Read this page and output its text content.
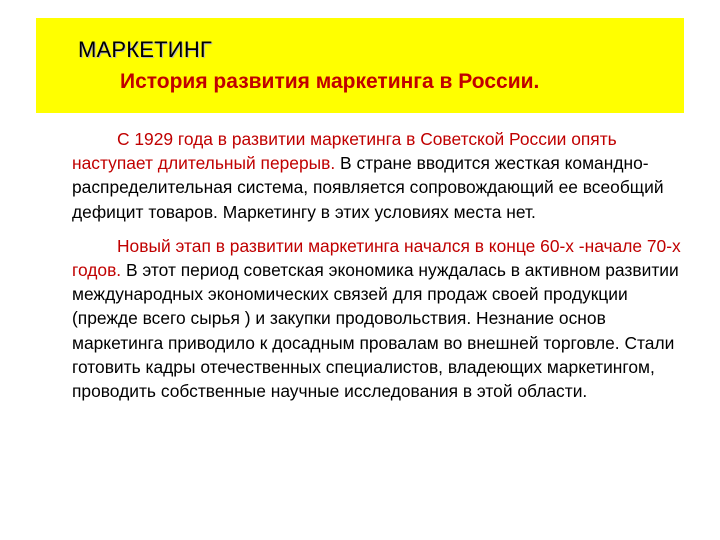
МАРКЕТИНГ
История развития маркетинга в России.

С 1929 года в развитии маркетинга в Советской России опять наступает длительный перерыв. В стране вводится жесткая командно-распределительная система, появляется сопровождающий ее всеобщий дефицит товаров. Маркетингу в этих условиях места нет.

Новый этап в развитии маркетинга начался в конце 60-х -начале 70-х годов. В этот период советская экономика нуждалась в активном развитии международных экономических связей для продаж своей продукции (прежде всего сырья ) и закупки продовольствия. Незнание основ маркетинга приводило к досадным провалам во внешней торговле. Стали готовить кадры отечественных специалистов, владеющих маркетингом, проводить собственные научные исследования в этой области.
